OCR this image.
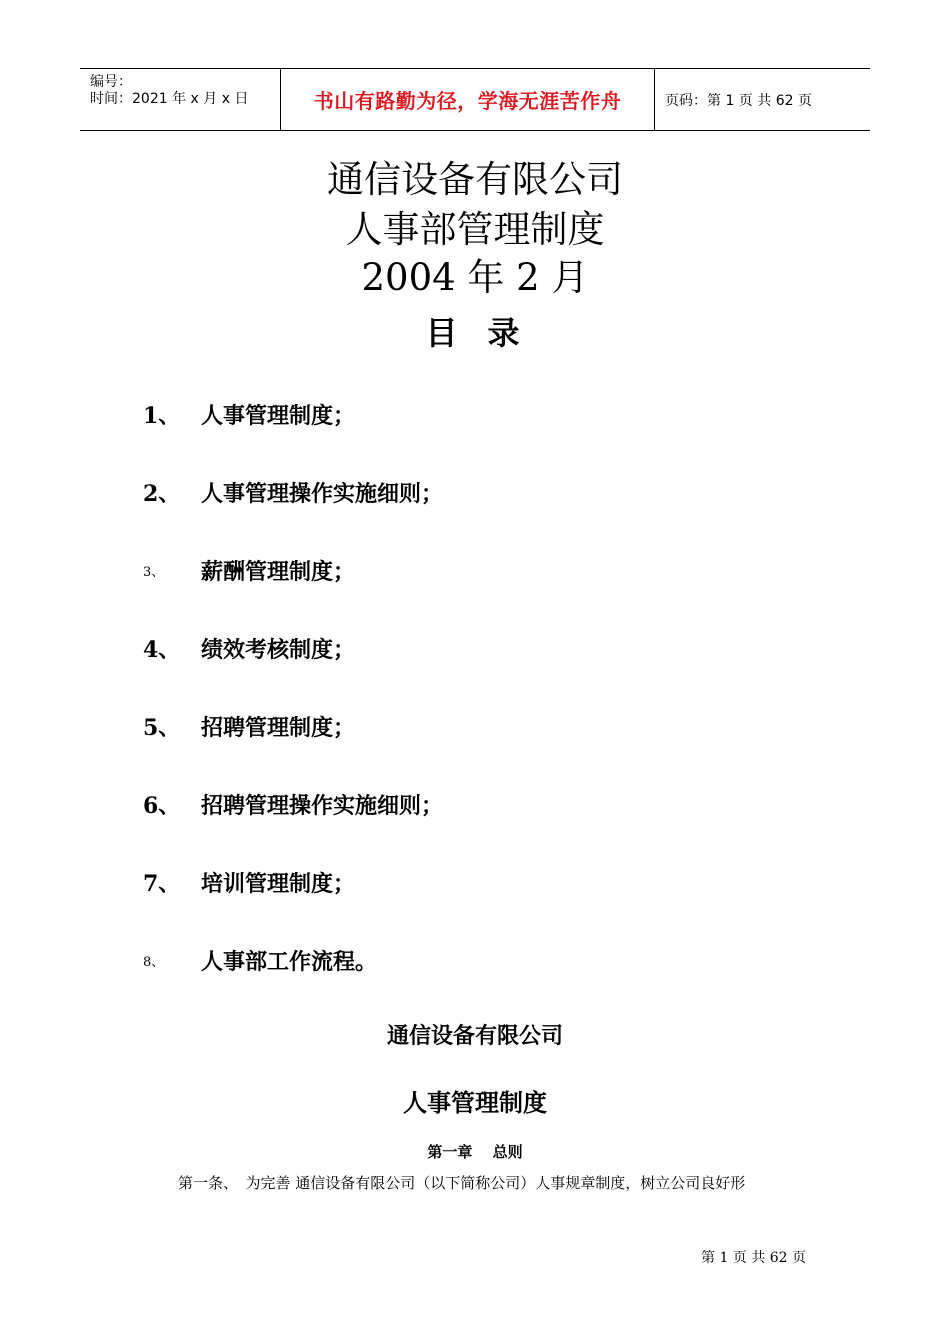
编号：
时间：2021 年 x 月 x 日	书山有路勤为径，学海无涯苦作舟	页码：第 1 页 共 62 页
通信设备有限公司
人事部管理制度
2004 年 2 月
目录
1、 人事管理制度；
2、 人事管理操作实施细则；
3、	薪酬管理制度；
4、 绩效考核制度；
5、 招聘管理制度；
6、 招聘管理操作实施细则；
7、 培训管理制度；
8、	人事部工作流程。
通信设备有限公司
人事管理制度
第一章　 总则
第一条、　为完善 通信设备有限公司（以下简称公司）人事规章制度，树立公司良好形
第 1 页 共 62 页
